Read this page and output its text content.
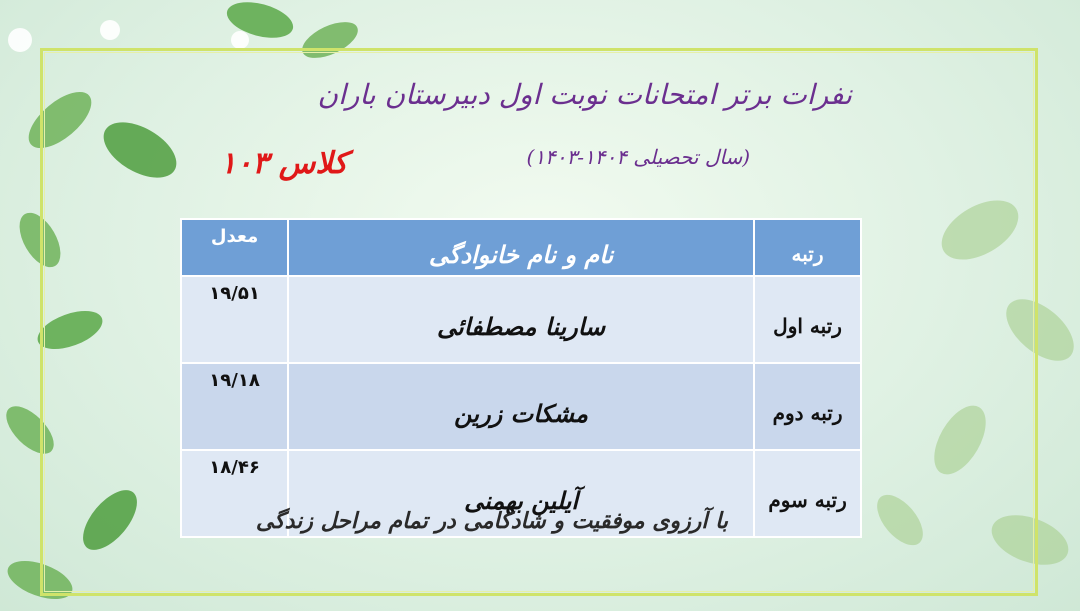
نفرات برتر امتحانات نوبت اول دبیرستان باران
(سال تحصیلی ۱۴۰۴-۱۴۰۳)
کلاس ۱۰۳
رتبه	نام و نام خانوادگی	معدل
رتبه اول	سارینا مصطفائی	۱۹/۵۱
رتبه دوم	مشکات زرین	۱۹/۱۸
رتبه سوم	آیلین بهمنی	۱۸/۴۶
با آرزوی موفقیت و شادکامی در تمام مراحل زندگی
